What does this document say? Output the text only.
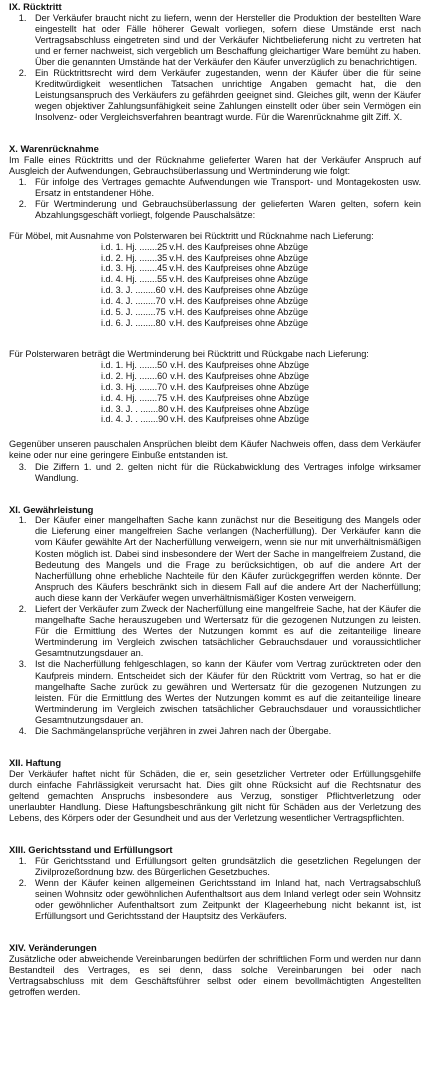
IX. Rücktritt
1. Der Verkäufer braucht nicht zu liefern, wenn der Hersteller die Produktion der bestellten Ware eingestellt hat oder Fälle höherer Gewalt vorliegen, sofern diese Umstände erst nach Vertragsabschluss eingetreten sind und der Verkäufer Nichtbelieferung nicht zu vertreten hat und er ferner nachweist, sich vergeblich um Beschaffung gleichartiger Ware bemüht zu haben. Über die genannten Umstände hat der Verkäufer den Käufer unverzüglich zu benachrichtigen.
2. Ein Rücktrittsrecht wird dem Verkäufer zugestanden, wenn der Käufer über die für seine Kreditwürdigkeit wesentlichen Tatsachen unrichtige Angaben gemacht hat, die den Leistungsanspruch des Verkäufers zu gefährden geeignet sind. Gleiches gilt, wenn der Käufer wegen objektiver Zahlungsunfähigkeit seine Zahlungen einstellt oder über sein Vermögen ein Insolvenz- oder Vergleichsverfahren beantragt wurde. Für die Warenrücknahme gilt Ziff. X.
X. Warenrücknahme

Im Falle eines Rücktritts und der Rücknahme gelieferter Waren hat der Verkäufer Anspruch auf Ausgleich der Aufwendungen, Gebrauchsüberlassung und Wertminderung wie folgt:

1. Für infolge des Vertrages gemachte Aufwendungen wie Transport- und Montagekosten usw. Ersatz in entstandener Höhe.
2. Für Wertminderung und Gebrauchsüberlassung der gelieferten Waren gelten, sofern kein Abzahlungsgeschäft vorliegt, folgende Pauschalsätze:

Für Möbel, mit Ausnahme von Polsterwaren bei Rücktritt und Rücknahme nach Lieferung:

i.d. 1. Hj. .......25	v.H. des Kaufpreises ohne Abzüge
i.d. 2. Hj. .......35	v.H. des Kaufpreises ohne Abzüge
i.d. 3. Hj. .......45	v.H. des Kaufpreises ohne Abzüge
i.d. 4. Hj. .......55	v.H. des Kaufpreises ohne Abzüge
i.d. 3. J. ........60	v.H. des Kaufpreises ohne Abzüge
i.d. 4. J. ........70	v.H. des Kaufpreises ohne Abzüge
i.d. 5. J. ........75	v.H. des Kaufpreises ohne Abzüge
i.d. 6. J. ........80	v.H. des Kaufpreises ohne Abzüge

Für Polsterwaren beträgt die Wertminderung bei Rücktritt und Rückgabe nach Lieferung:

i.d. 1. Hj. .......50	v.H. des Kaufpreises ohne Abzüge
i.d. 2. Hj. .......60	v.H. des Kaufpreises ohne Abzüge
i.d. 3. Hj. .......70	v.H. des Kaufpreises ohne Abzüge
i.d. 4. Hj. .......75	v.H. des Kaufpreises ohne Abzüge
i.d. 3. J. . .......80	v.H. des Kaufpreises ohne Abzüge
i.d. 4. J. . .......90	v.H. des Kaufpreises ohne Abzüge

Gegenüber unseren pauschalen Ansprüchen bleibt dem Käufer Nachweis offen, dass dem Verkäufer keine oder nur eine geringere Einbuße entstanden ist.

3. Die Ziffern 1. und 2. gelten nicht für die Rückabwicklung des Vertrages infolge wirksamer Wandlung.
XI. Gewährleistung
1. Der Käufer einer mangelhaften Sache kann zunächst nur die Beseitigung des Mangels oder die Lieferung einer mangelfreien Sache verlangen (Nacherfüllung). Der Verkäufer kann die vom Käufer gewählte Art der Nacherfüllung verweigern, wenn sie nur mit unverhältnismäßigen Kosten möglich ist. Dabei sind insbesondere der Wert der Sache in mangelfreiem Zustand, die Bedeutung des Mangels und die Frage zu berücksichtigen, ob auf die andere Art der Nacherfüllung ohne erhebliche Nachteile für den Käufer zurückgegriffen werden könnte. Der Anspruch des Käufers beschränkt sich in diesem Fall auf die andere Art der Nacherfüllung; auch diese kann der Verkäufer wegen unverhältnismäßiger Kosten verweigern.
2. Liefert der Verkäufer zum Zweck der Nacherfüllung eine mangelfreie Sache, hat der Käufer die mangelhafte Sache herauszugeben und Wertersatz für die gezogenen Nutzungen zu leisten. Für die Ermittlung des Wertes der Nutzungen kommt es auf die zeitanteilige lineare Wertminderung im Vergleich zwischen tatsächlicher Gebrauchsdauer und voraussichtlicher Gesamtnutzungsdauer an.
3. Ist die Nacherfüllung fehlgeschlagen, so kann der Käufer vom Vertrag zurücktreten oder den Kaufpreis mindern. Entscheidet sich der Käufer für den Rücktritt vom Vertrag, so hat er die mangelhafte Sache zurück zu gewähren und Wertersatz für die gezogenen Nutzungen zu leisten. Für die Ermittlung des Wertes der Nutzungen kommt es auf die zeitanteilige lineare Wertminderung im Vergleich zwischen tatsächlicher Gebrauchsdauer und voraussichtlicher Gesamtnutzungsdauer an.
4. Die Sachmängelansprüche verjähren in zwei Jahren nach der Übergabe.
XII. Haftung

Der Verkäufer haftet nicht für Schäden, die er, sein gesetzlicher Vertreter oder Erfüllungsgehilfe durch einfache Fahrlässigkeit verursacht hat. Dies gilt ohne Rücksicht auf die Rechtsnatur des geltend gemachten Anspruchs insbesondere aus Verzug, sonstiger Pflichtverletzung oder unerlaubter Handlung. Diese Haftungsbeschränkung gilt nicht für Schäden aus der Verletzung des Lebens, des Körpers oder der Gesundheit und aus der Verletzung wesentlicher Vertragspflichten.

XIII. Gerichtsstand und Erfüllungsort
1. Für Gerichtsstand und Erfüllungsort gelten grundsätzlich die gesetzlichen Regelungen der Zivilprozeßordnung bzw. des Bürgerlichen Gesetzbuches.
2. Wenn der Käufer keinen allgemeinen Gerichtsstand im Inland hat, nach Vertragsabschluß seinen Wohnsitz oder gewöhnlichen Aufenthaltsort aus dem Inland verlegt oder sein Wohnsitz oder gewöhnlicher Aufenthaltsort zum Zeitpunkt der Klageerhebung nicht bekannt ist, ist Erfüllungsort und Gerichtsstand der Hauptsitz des Verkäufers.
XIV. Veränderungen

Zusätzliche oder abweichende Vereinbarungen bedürfen der schriftlichen Form und werden nur dann Bestandteil des Vertrages, es sei denn, dass solche Vereinbarungen bei oder nach Vertragsabschluss mit dem Geschäftsführer selbst oder einem bevollmächtigten Angestellten getroffen werden.
